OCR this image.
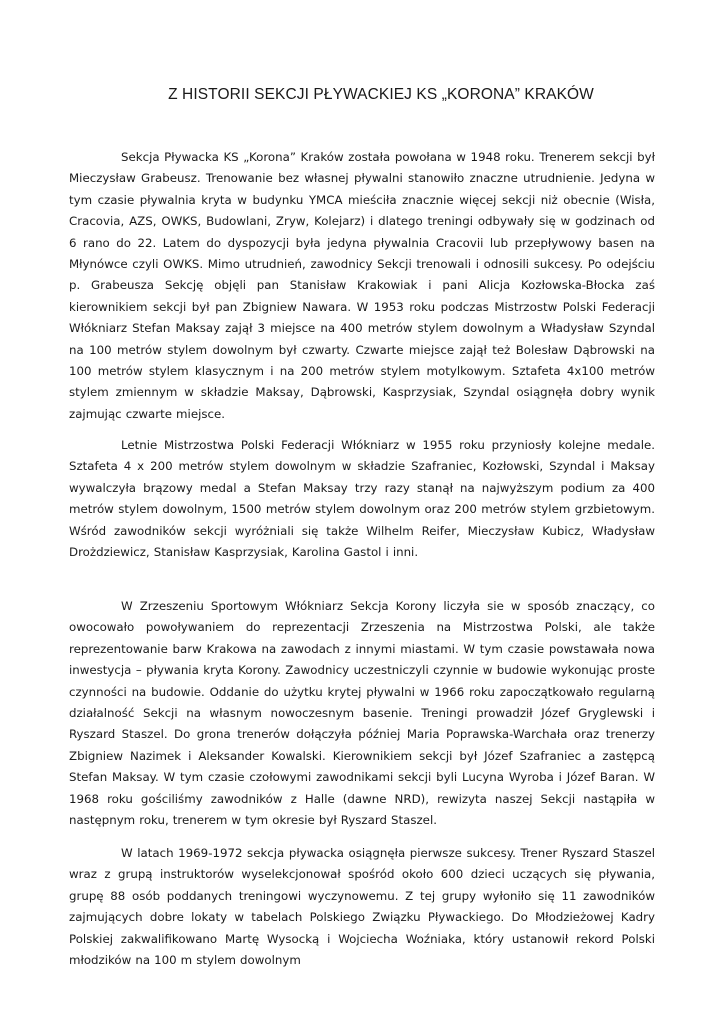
Z HISTORII SEKCJI PŁYWACKIEJ KS „KORONA” KRAKÓW

Sekcja Pływacka KS „Korona” Kraków została powołana w 1948 roku. Trenerem sekcji był Mieczysław Grabeusz. Trenowanie bez własnej pływalni stanowiło znaczne utrudnienie. Jedyna w tym czasie pływalnia kryta w budynku YMCA mieściła znacznie więcej sekcji niż obecnie (Wisła, Cracovia, AZS, OWKS, Budowlani, Zryw, Kolejarz) i dlatego treningi odbywały się w godzinach od 6 rano do 22. Latem do dyspozycji była jedyna pływalnia Cracovii lub przepływowy basen na Młynówce czyli OWKS. Mimo utrudnień, zawodnicy Sekcji trenowali i odnosili sukcesy. Po odejściu p. Grabeusza Sekcję objęli pan Stanisław Krakowiak i pani Alicja Kozłowska-Błocka zaś kierownikiem sekcji był pan Zbigniew Nawara. W 1953 roku podczas Mistrzostw Polski Federacji Włókniarz Stefan Maksay zajął 3 miejsce na 400 metrów stylem dowolnym a Władysław Szyndal na 100 metrów stylem dowolnym był czwarty. Czwarte miejsce zajął też Bolesław Dąbrowski na 100 metrów stylem klasycznym i na 200 metrów stylem motylkowym. Sztafeta 4x100 metrów stylem zmiennym w składzie Maksay, Dąbrowski, Kasprzysiak, Szyndal osiągnęła dobry wynik zajmując czwarte miejsce.

Letnie Mistrzostwa Polski Federacji Włókniarz w 1955 roku przyniosły kolejne medale. Sztafeta 4 x 200 metrów stylem dowolnym w składzie Szafraniec, Kozłowski, Szyndal i Maksay wywalczyła brązowy medal a Stefan Maksay trzy razy stanął na najwyższym podium za 400 metrów stylem dowolnym, 1500 metrów stylem dowolnym oraz 200 metrów stylem grzbietowym. Wśród zawodników sekcji wyróżniali się także Wilhelm Reifer, Mieczysław Kubicz, Władysław Drożdziewicz, Stanisław Kasprzysiak, Karolina Gastol i inni.

W Zrzeszeniu Sportowym Włókniarz Sekcja Korony liczyła sie w sposób znaczący, co owocowało powoływaniem do reprezentacji Zrzeszenia na Mistrzostwa Polski, ale także reprezentowanie barw Krakowa na zawodach z innymi miastami. W tym czasie powstawała nowa inwestycja – pływania kryta Korony. Zawodnicy uczestniczyli czynnie w budowie wykonując proste czynności na budowie. Oddanie do użytku krytej pływalni w 1966 roku zapoczątkowało regularną działalność Sekcji na własnym nowoczesnym basenie. Treningi prowadził Józef Gryglewski i Ryszard Staszel. Do grona trenerów dołączyła później Maria Poprawska-Warchała oraz trenerzy Zbigniew Nazimek i Aleksander Kowalski. Kierownikiem sekcji był Józef Szafraniec a zastępcą Stefan Maksay. W tym czasie czołowymi zawodnikami sekcji byli Lucyna Wyroba i Józef Baran. W 1968 roku gościliśmy zawodników z Halle (dawne NRD), rewizyta naszej Sekcji nastąpiła w następnym roku, trenerem w tym okresie był Ryszard Staszel.

W latach 1969-1972 sekcja pływacka osiągnęła pierwsze sukcesy. Trener Ryszard Staszel wraz z grupą instruktorów wyselekcjonował spośród około 600 dzieci uczących się pływania, grupę 88 osób poddanych treningowi wyczynowemu. Z tej grupy wyłoniło się 11 zawodników zajmujących dobre lokaty w tabelach Polskiego Związku Pływackiego. Do Młodzieżowej Kadry Polskiej zakwalifikowano Martę Wysocką i Wojciecha Woźniaka, który ustanowił rekord Polski młodzików na 100 m stylem dowolnym
